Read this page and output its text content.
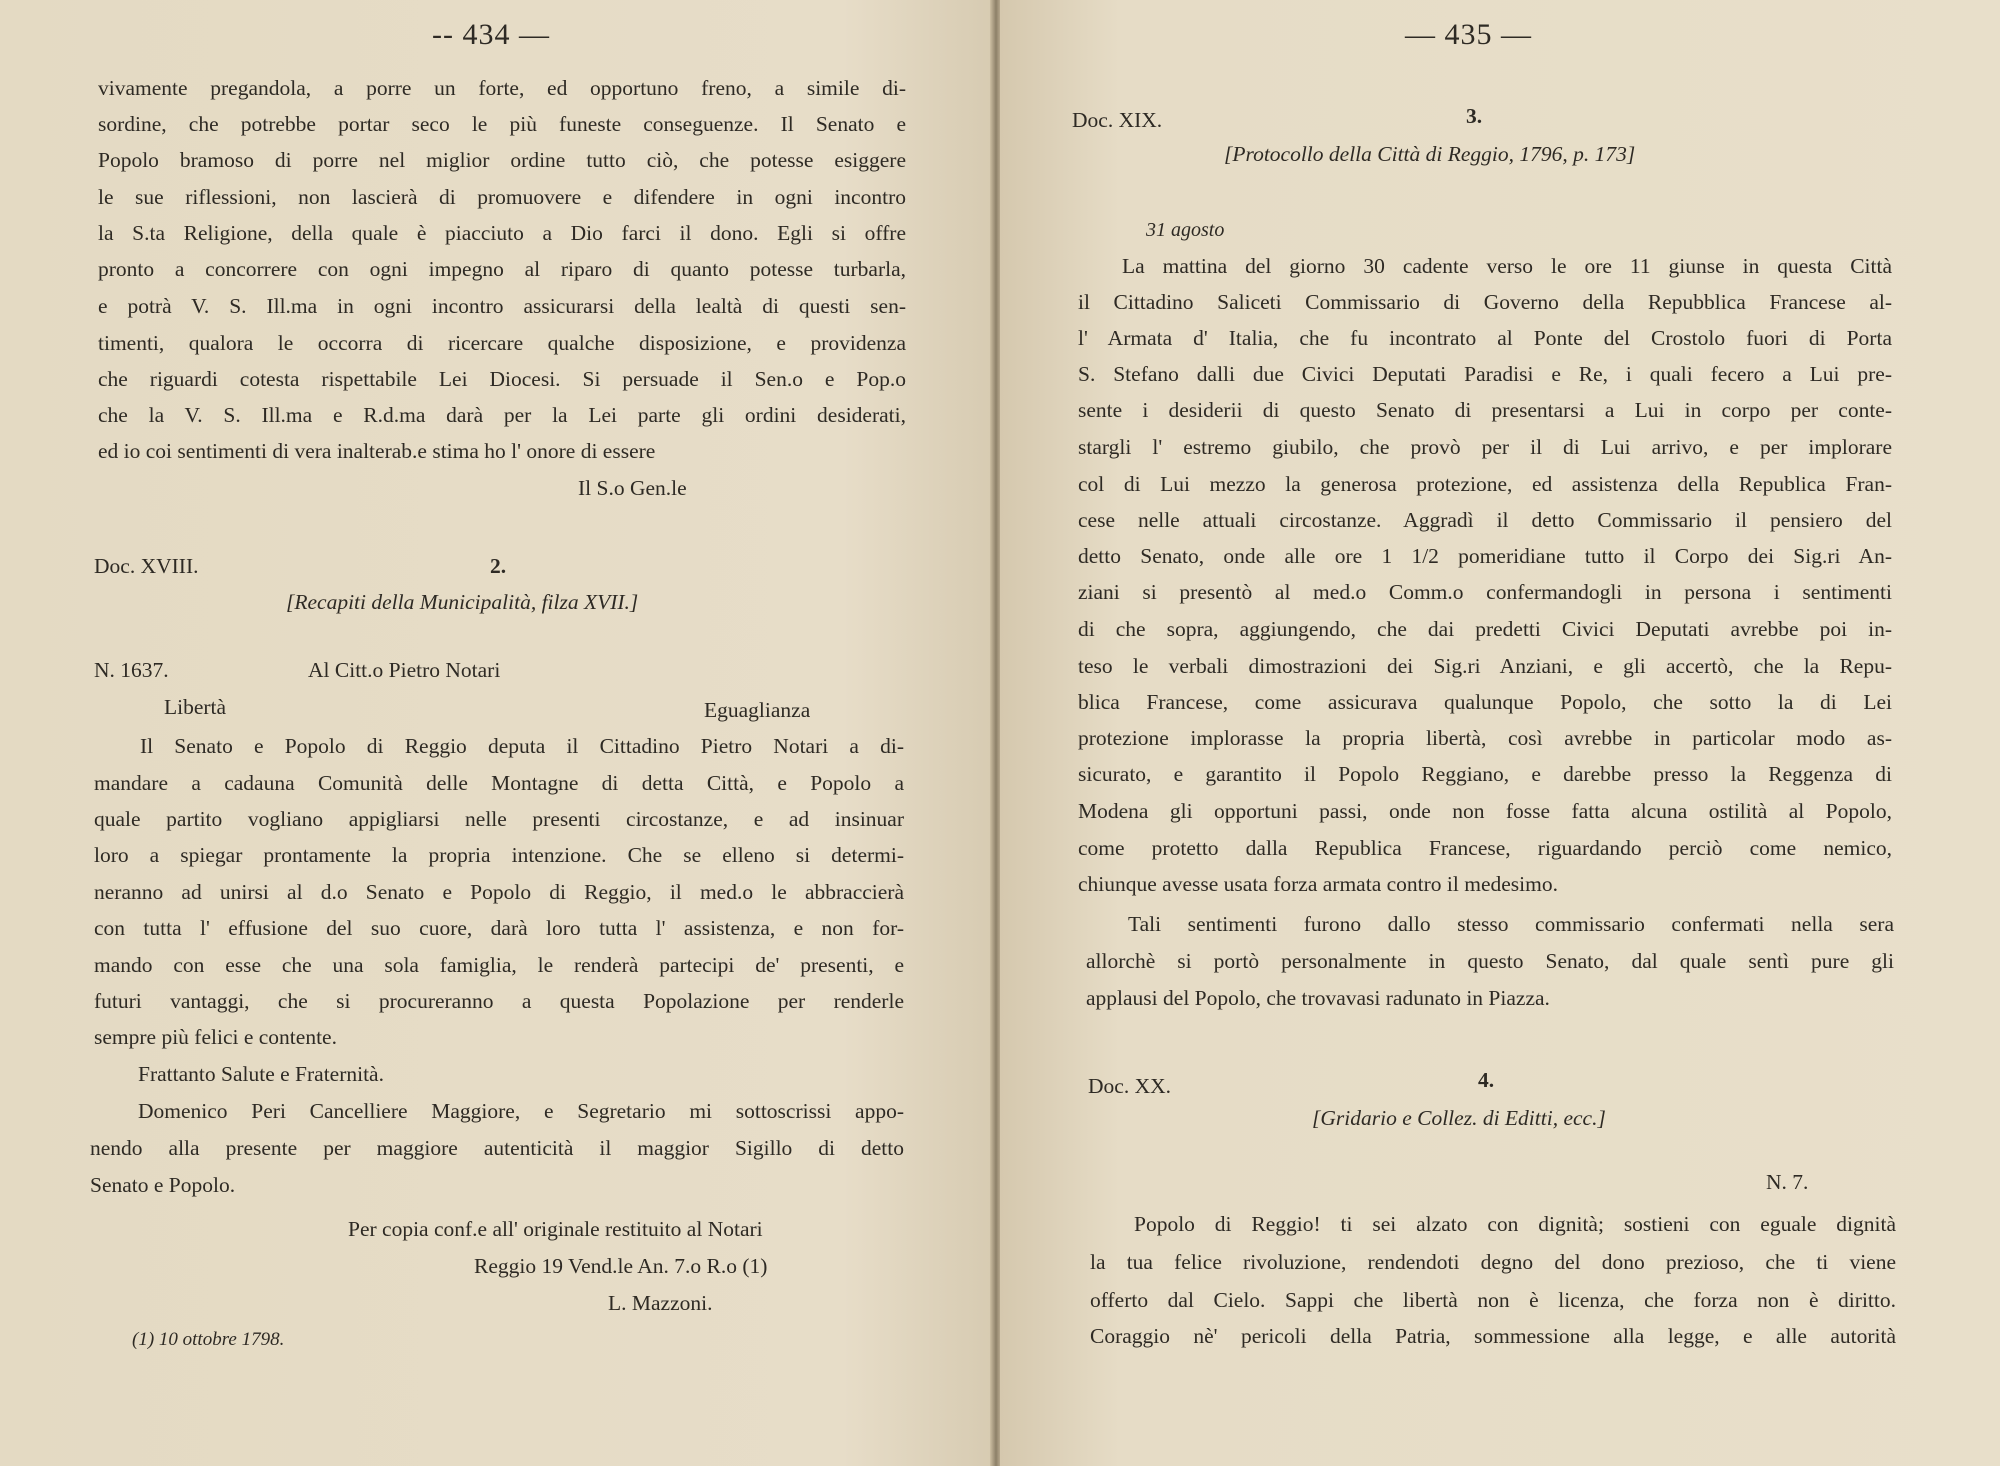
-- 434 —
vivamente pregandola, a porre un forte, ed opportuno freno, a simile di-
sordine, che potrebbe portar seco le più funeste conseguenze. Il Senato e
Popolo bramoso di porre nel miglior ordine tutto ciò, che potesse esiggere
le sue riflessioni, non lascierà di promuovere e difendere in ogni incontro
la S.ta Religione, della quale è piacciuto a Dio farci il dono. Egli si offre
pronto a concorrere con ogni impegno al riparo di quanto potesse turbarla,
e potrà V. S. Ill.ma in ogni incontro assicurarsi della lealtà di questi sen-
timenti, qualora le occorra di ricercare qualche disposizione, e providenza
che riguardi cotesta rispettabile Lei Diocesi. Si persuade il Sen.o e Pop.o
che la V. S. Ill.ma e R.d.ma darà per la Lei parte gli ordini desiderati,
ed io coi sentimenti di vera inalterab.e stima ho l' onore di essere
Il S.o Gen.le
Doc. XVIII.	2.
[Recapiti della Municipalità, filza XVII.]
N. 1637.	Al Citt.o Pietro Notari
Libertà	Eguaglianza
Il Senato e Popolo di Reggio deputa il Cittadino Pietro Notari a di-
mandare a cadauna Comunità delle Montagne di detta Città, e Popolo a
quale partito vogliano appigliarsi nelle presenti circostanze, e ad insinuar
loro a spiegar prontamente la propria intenzione. Che se elleno si determi-
neranno ad unirsi al d.o Senato e Popolo di Reggio, il med.o le abbraccierà
con tutta l' effusione del suo cuore, darà loro tutta l' assistenza, e non for-
mando con esse che una sola famiglia, le renderà partecipi de' presenti, e
futuri vantaggi, che si procureranno a questa Popolazione per renderle
sempre più felici e contente.
Frattanto Salute e Fraternità.
Domenico Peri Cancelliere Maggiore, e Segretario mi sottoscrissi appo-
nendo alla presente per maggiore autenticità il maggior Sigillo di detto
Senato e Popolo.
Per copia conf.e all' originale restituito al Notari
Reggio 19 Vend.le An. 7.o R.o (1)
L. Mazzoni.
(1) 10 ottobre 1798.
— 435 —
Doc. XIX.	3.
[Protocollo della Città di Reggio, 1796, p. 173]
31 agosto
La mattina del giorno 30 cadente verso le ore 11 giunse in questa Città
il Cittadino Saliceti Commissario di Governo della Repubblica Francese al-
l' Armata d' Italia, che fu incontrato al Ponte del Crostolo fuori di Porta
S. Stefano dalli due Civici Deputati Paradisi e Re, i quali fecero a Lui pre-
sente i desiderii di questo Senato di presentarsi a Lui in corpo per conte-
stargli l' estremo giubilo, che provò per il di Lui arrivo, e per implorare
col di Lui mezzo la generosa protezione, ed assistenza della Republica Fran-
cese nelle attuali circostanze. Aggradì il detto Commissario il pensiero del
detto Senato, onde alle ore 1 1/2 pomeridiane tutto il Corpo dei Sig.ri An-
ziani si presentò al med.o Comm.o confermandogli in persona i sentimenti
di che sopra, aggiungendo, che dai predetti Civici Deputati avrebbe poi in-
teso le verbali dimostrazioni dei Sig.ri Anziani, e gli accertò, che la Repu-
blica Francese, come assicurava qualunque Popolo, che sotto la di Lei
protezione implorasse la propria libertà, così avrebbe in particolar modo as-
sicurato, e garantito il Popolo Reggiano, e darebbe presso la Reggenza di
Modena gli opportuni passi, onde non fosse fatta alcuna ostilità al Popolo,
come protetto dalla Republica Francese, riguardando perciò come nemico,
chiunque avesse usata forza armata contro il medesimo.
Tali sentimenti furono dallo stesso commissario confermati nella sera
allorchè si portò personalmente in questo Senato, dal quale sentì pure gli
applausi del Popolo, che trovavasi radunato in Piazza.
Doc. XX.	4.
[Gridario e Collez. di Editti, ecc.]
N. 7.
Popolo di Reggio! ti sei alzato con dignità; sostieni con eguale dignità
la tua felice rivoluzione, rendendoti degno del dono prezioso, che ti viene
offerto dal Cielo. Sappi che libertà non è licenza, che forza non è diritto.
Coraggio nè' pericoli della Patria, sommessione alla legge, e alle autorità
